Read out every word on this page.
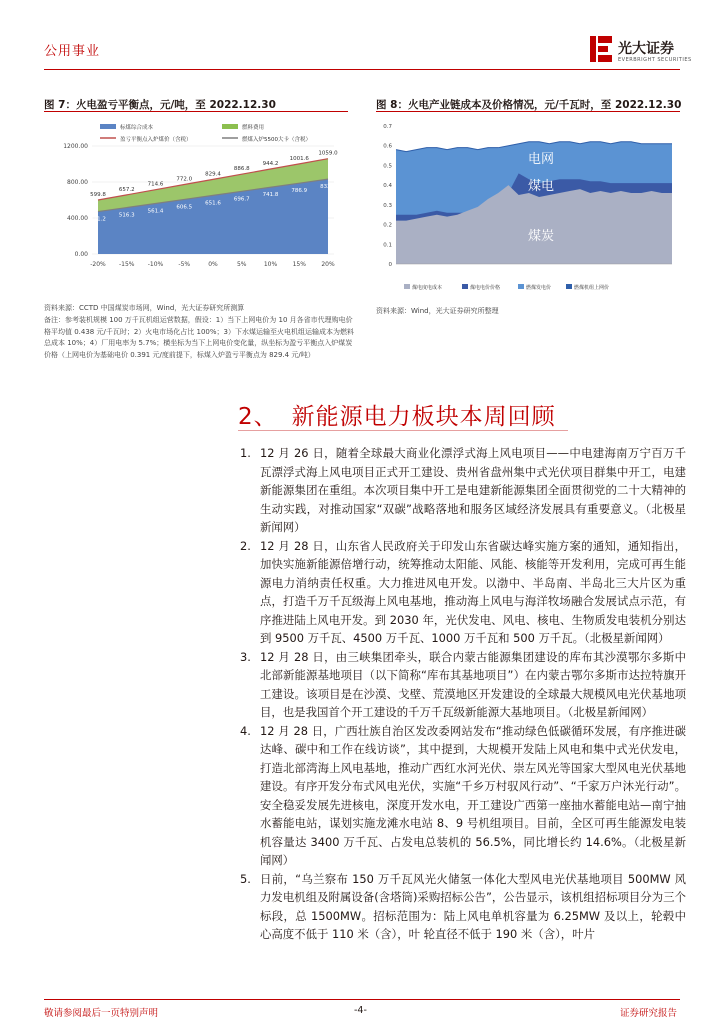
公用事业	光大证券
EVERBRIGHT SECURITIES
图 7：火电盈亏平衡点，元/吨，至 2022.12.30
标煤综合成本	燃料费用
盈亏平衡点入炉煤价（含税）	燃煤入炉5500大卡（含税）
1200.00
800.00
400.00
0.00
599.8
657.2
714.6
772.0
829.4
886.8
944.2
1001.6
1059.0
471.2
516.3
561.4
606.5
651.6
696.7
741.8
786.9
832.0
-20% -15% -10%	-5%	0%	5%	10%	15%	20%
资料来源：CCTD 中国煤炭市场网，Wind，光大证券研究所测算
备注：参考装机规模 100 万千瓦机组运营数据，假设：1）当下上网电价为 10 月各省市代理购电价格平均值 0.438 元/千瓦时；2）火电市场化占比 100%；3）下水煤运输至火电机组运输成本为燃料总成本 10%；4）厂用电率为 5.7%；横坐标为当下上网电价变化量，纵坐标为盈亏平衡点入炉煤炭价格（上网电价为基础电价 0.391 元/度前提下，标煤入炉盈亏平衡点为 829.4 元/吨）
图 8：火电产业链成本及价格情况，元/千瓦时，至 2022.12.30
0.7
0.6
0.5
0.4
0.3
0.2
0.1
0
电网
煤电
煤炭
煤电度电成本	煤电电价价格	燃煤发电价	燃煤机组上网价
资料来源：Wind，光大证券研究所整理
2、 新能源电力板块本周回顾
1. 12 月 26 日，随着全球最大商业化漂浮式海上风电项目——中电建海南万宁百万千瓦漂浮式海上风电项目正式开工建设、贵州省盘州集中式光伏项目群集中开工，电建新能源集团在重组。本次项目集中开工是电建新能源集团全面贯彻党的二十大精神的生动实践，对推动国家“双碳”战略落地和服务区域经济发展具有重要意义。（北极星新闻网）
2. 12 月 28 日，山东省人民政府关于印发山东省碳达峰实施方案的通知，通知指出，加快实施新能源倍增行动，统筹推动太阳能、风能、核能等开发利用，完成可再生能源电力消纳责任权重。大力推进风电开发。以渤中、半岛南、半岛北三大片区为重点，打造千万千瓦级海上风电基地，推动海上风电与海洋牧场融合发展试点示范，有序推进陆上风电开发。到 2030 年，光伏发电、风电、核电、生物质发电装机分别达到 9500 万千瓦、4500 万千瓦、1000 万千瓦和 500 万千瓦。（北极星新闻网）
3. 12 月 28 日，由三峡集团牵头，联合内蒙古能源集团建设的库布其沙漠鄂尔多斯中北部新能源基地项目（以下简称“库布其基地项目”）在内蒙古鄂尔多斯市达拉特旗开工建设。该项目是在沙漠、戈壁、荒漠地区开发建设的全球最大规模风电光伏基地项目，也是我国首个开工建设的千万千瓦级新能源大基地项目。（北极星新闻网）
4. 12 月 28 日，广西壮族自治区发改委网站发布“推动绿色低碳循环发展，有序推进碳达峰、碳中和工作在线访谈”，其中提到，大规模开发陆上风电和集中式光伏发电，打造北部湾海上风电基地，推动广西红水河光伏、崇左风光等国家大型风电光伏基地建设。有序开发分布式风电光伏，实施“千乡万村驭风行动”、“千家万户沐光行动”。安全稳妥发展先进核电，深度开发水电，开工建设广西第一座抽水蓄能电站—南宁抽水蓄能电站，谋划实施龙滩水电站 8、9 号机组项目。目前，全区可再生能源发电装机容量达 3400 万千瓦、占发电总装机的 56.5%，同比增长约 14.6%。（北极星新闻网）
5. 日前，“乌兰察布 150 万千瓦风光火储氢一体化大型风电光伏基地项目 500MW 风力发电机组及附属设备(含塔筒)采购招标公告”，公告显示，该机组招标项目分为三个标段，总 1500MW。招标范围为：陆上风电单机容量为 6.25MW 及以上，轮毂中心高度不低于 110 米（含），叶 轮直径不低于 190 米（含），叶片
敬请参阅最后一页特别声明	-4-	证券研究报告
